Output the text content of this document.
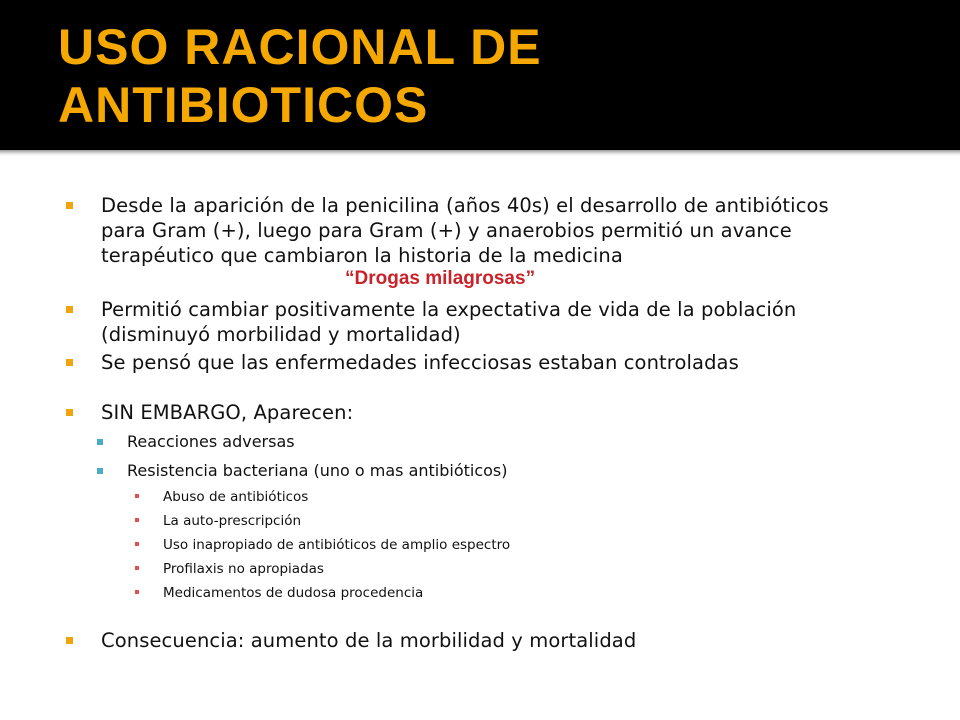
USO RACIONAL DE
ANTIBIOTICOS
Desde la aparición de la penicilina (años 40s) el desarrollo de antibióticos
para Gram (+), luego para Gram (+) y anaerobios permitió un avance
terapéutico que cambiaron la historia de la medicina
“Drogas milagrosas”
Permitió cambiar positivamente la expectativa de vida de la población
(disminuyó morbilidad y mortalidad)
Se pensó que las enfermedades infecciosas estaban controladas
SIN EMBARGO, Aparecen:
Reacciones adversas
Resistencia bacteriana (uno o mas antibióticos)
Abuso de antibióticos
La auto-prescripción
Uso inapropiado de antibióticos de amplio espectro
Profilaxis no apropiadas
Medicamentos de dudosa procedencia
Consecuencia: aumento de la morbilidad y mortalidad
